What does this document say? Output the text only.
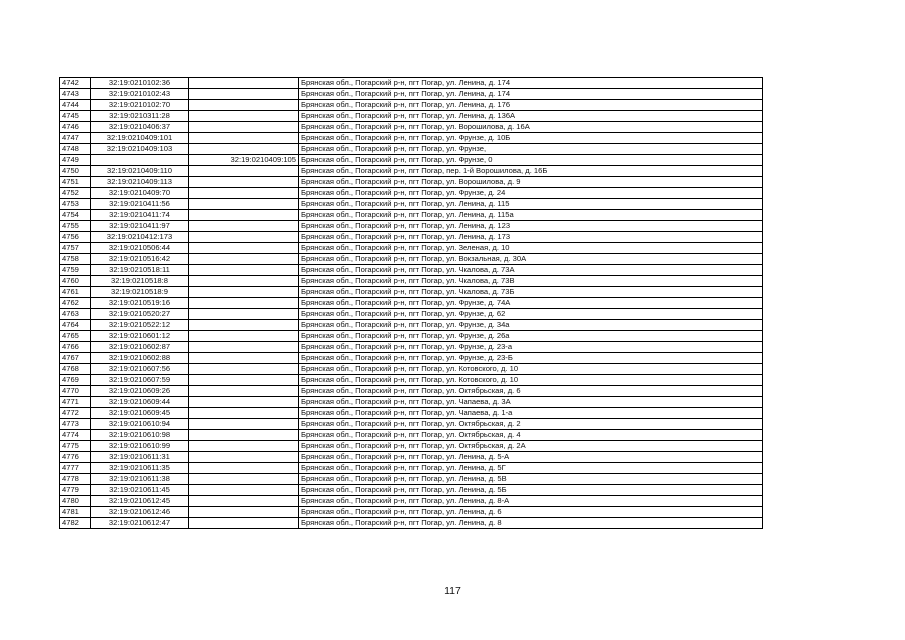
4742	32:19:0210102:36		Брянская обл., Погарский р-н, пгт Погар, ул. Ленина, д. 174
4743	32:19:0210102:43		Брянская обл., Погарский р-н, пгт Погар, ул. Ленина, д. 174
4744	32:19:0210102:70		Брянская обл., Погарский р-н, пгт Погар, ул. Ленина, д. 176
4745	32:19:0210311:28		Брянская обл., Погарский р-н, пгт Погар, ул. Ленина, д. 136А
4746	32:19:0210406:37		Брянская обл., Погарский р-н, пгт Погар, ул. Ворошилова, д. 16А
4747	32:19:0210409:101		Брянская обл., Погарский р-н, пгт Погар, ул. Фрунзе, д. 10Б
4748	32:19:0210409:103		Брянская обл., Погарский р-н, пгт Погар, ул. Фрунзе,
4749		32:19:0210409:105	Брянская обл., Погарский р-н, пгт Погар, ул. Фрунзе, 0
4750	32:19:0210409:110		Брянская обл., Погарский р-н, пгт Погар, пер. 1-й Ворошилова, д. 16Б
4751	32:19:0210409:113		Брянская обл., Погарский р-н, пгт Погар, ул. Ворошилова, д. 9
4752	32:19:0210409:70		Брянская обл., Погарский р-н, пгт Погар, ул. Фрунзе, д. 24
4753	32:19:0210411:56		Брянская обл., Погарский р-н, пгт Погар, ул. Ленина, д. 115
4754	32:19:0210411:74		Брянская обл., Погарский р-н, пгт Погар, ул. Ленина, д. 115а
4755	32:19:0210411:97		Брянская обл., Погарский р-н, пгт Погар, ул. Ленина, д. 123
4756	32:19:0210412:173		Брянская обл., Погарский р-н, пгт Погар, ул. Ленина, д. 173
4757	32:19:0210506:44		Брянская обл., Погарский р-н, пгт Погар, ул. Зеленая, д. 10
4758	32:19:0210516:42		Брянская обл., Погарский р-н, пгт Погар, ул. Вокзальная, д. 30А
4759	32:19:0210518:11		Брянская обл., Погарский р-н, пгт Погар, ул. Чкалова, д. 73А
4760	32:19:0210518:8		Брянская обл., Погарский р-н, пгт Погар, ул. Чкалова, д. 73В
4761	32:19:0210518:9		Брянская обл., Погарский р-н, пгт Погар, ул. Чкалова, д. 73Б
4762	32:19:0210519:16		Брянская обл., Погарский р-н, пгт Погар, ул. Фрунзе, д. 74А
4763	32:19:0210520:27		Брянская обл., Погарский р-н, пгт Погар, ул. Фрунзе, д. 62
4764	32:19:0210522:12		Брянская обл., Погарский р-н, пгт Погар, ул. Фрунзе, д. 34а
4765	32:19:0210601:12		Брянская обл., Погарский р-н, пгт Погар, ул. Фрунзе, д. 26а
4766	32:19:0210602:87		Брянская обл., Погарский р-н, пгт Погар, ул. Фрунзе, д. 23-а
4767	32:19:0210602:88		Брянская обл., Погарский р-н, пгт Погар, ул. Фрунзе, д. 23-Б
4768	32:19:0210607:56		Брянская обл., Погарский р-н, пгт Погар, ул. Котовского, д. 10
4769	32:19:0210607:59		Брянская обл., Погарский р-н, пгт Погар, ул. Котовского, д. 10
4770	32:19:0210609:26		Брянская обл., Погарский р-н, пгт Погар, ул. Октябрьская, д. 6
4771	32:19:0210609:44		Брянская обл., Погарский р-н, пгт Погар, ул. Чапаева, д. 3А
4772	32:19:0210609:45		Брянская обл., Погарский р-н, пгт Погар, ул. Чапаева, д. 1-а
4773	32:19:0210610:94		Брянская обл., Погарский р-н, пгт Погар, ул. Октябрьская, д. 2
4774	32:19:0210610:98		Брянская обл., Погарский р-н, пгт Погар, ул. Октябрьская, д. 4
4775	32:19:0210610:99		Брянская обл., Погарский р-н, пгт Погар, ул. Октябрьская, д. 2А
4776	32:19:0210611:31		Брянская обл., Погарский р-н, пгт Погар, ул. Ленина, д. 5-А
4777	32:19:0210611:35		Брянская обл., Погарский р-н, пгт Погар, ул. Ленина, д. 5Г
4778	32:19:0210611:38		Брянская обл., Погарский р-н, пгт Погар, ул. Ленина, д. 5В
4779	32:19:0210611:45		Брянская обл., Погарский р-н, пгт Погар, ул. Ленина, д. 5Б
4780	32:19:0210612:45		Брянская обл., Погарский р-н, пгт Погар, ул. Ленина, д. 8-А
4781	32:19:0210612:46		Брянская обл., Погарский р-н, пгт Погар, ул. Ленина, д. 6
4782	32:19:0210612:47		Брянская обл., Погарский р-н, пгт Погар, ул. Ленина, д. 8
117
